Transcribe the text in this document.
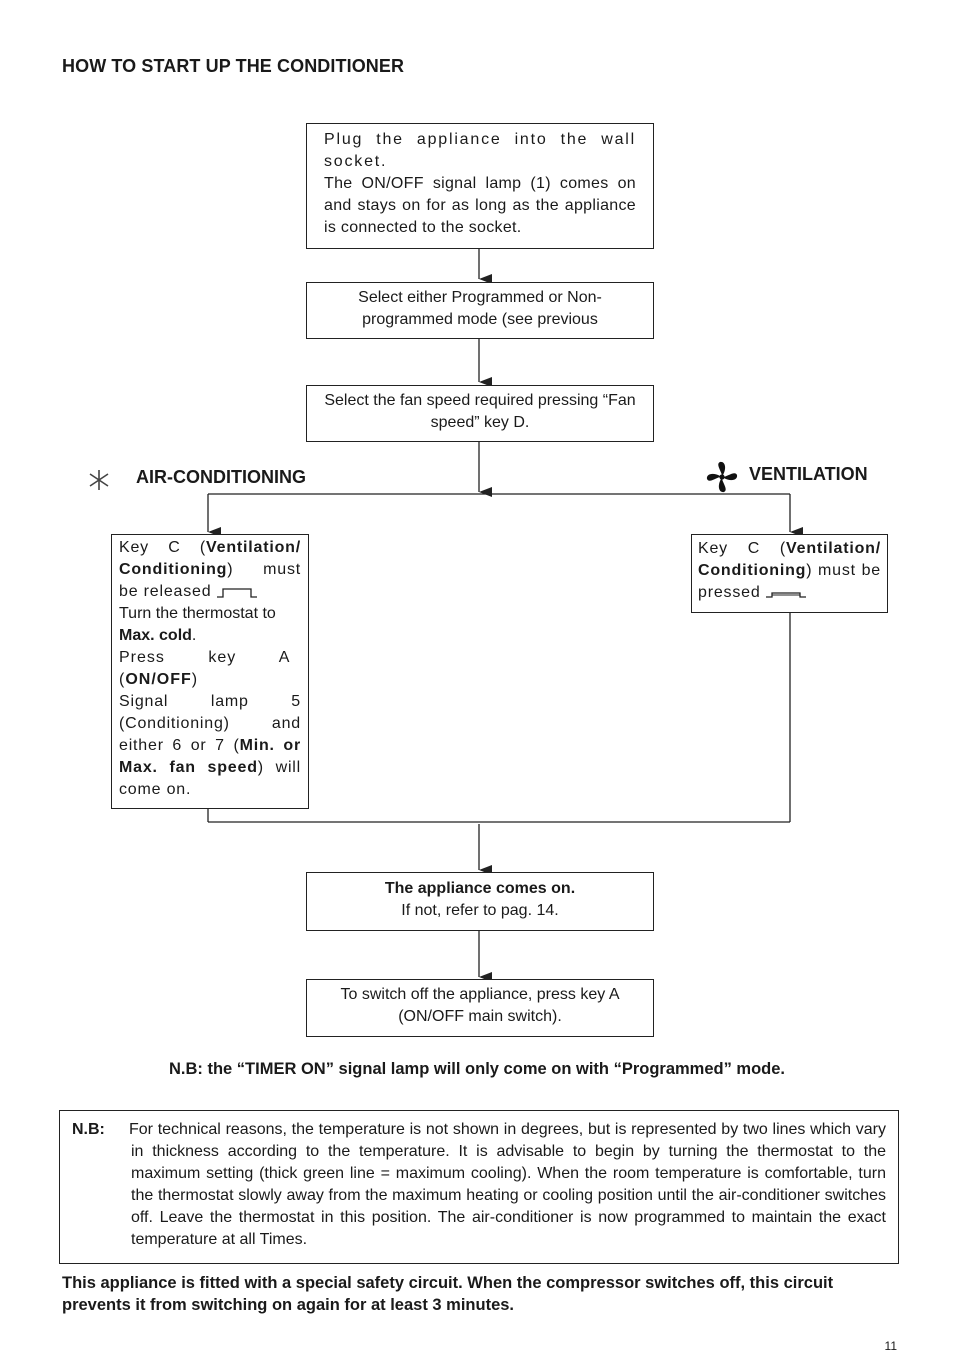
HOW TO START UP THE CONDITIONER
Plug the appliance into the wall socket.
The ON/OFF signal lamp (1) comes on and stays on for as long as the appliance is connected to the socket.
Select either Programmed or Non-programmed mode (see previous
Select the fan speed required pressing “Fan speed” key D.
AIR-CONDITIONING	VENTILATION
Key C (Ventilation/ Conditioning) must be released
Turn the thermostat to
Max. cold.
Press key A
(ON/OFF)
Signal lamp 5 (Conditioning) and either 6 or 7 (Min. or Max. fan speed) will come on.
Key C (Ventilation/ Conditioning) must be pressed
The appliance comes on.
If not, refer to pag. 14.
To switch off the appliance, press key A (ON/OFF main switch).
N.B: the “TIMER ON” signal lamp will only come on with “Programmed” mode.
N.B: For technical reasons, the temperature is not shown in degrees, but is represented by two lines which vary in thickness according to the temperature. It is advisable to begin by turning the thermostat to the maximum setting (thick green line = maximum cooling). When the room temperature is comfortable, turn the thermostat slowly away from the maximum heating or cooling position until the air-conditioner switches off. Leave the thermostat in this position. The air-conditioner is now programmed to maintain the exact temperature at all Times.
This appliance is fitted with a special safety circuit. When the compressor switches off, this circuit prevents it from switching on again for at least 3 minutes.
11
